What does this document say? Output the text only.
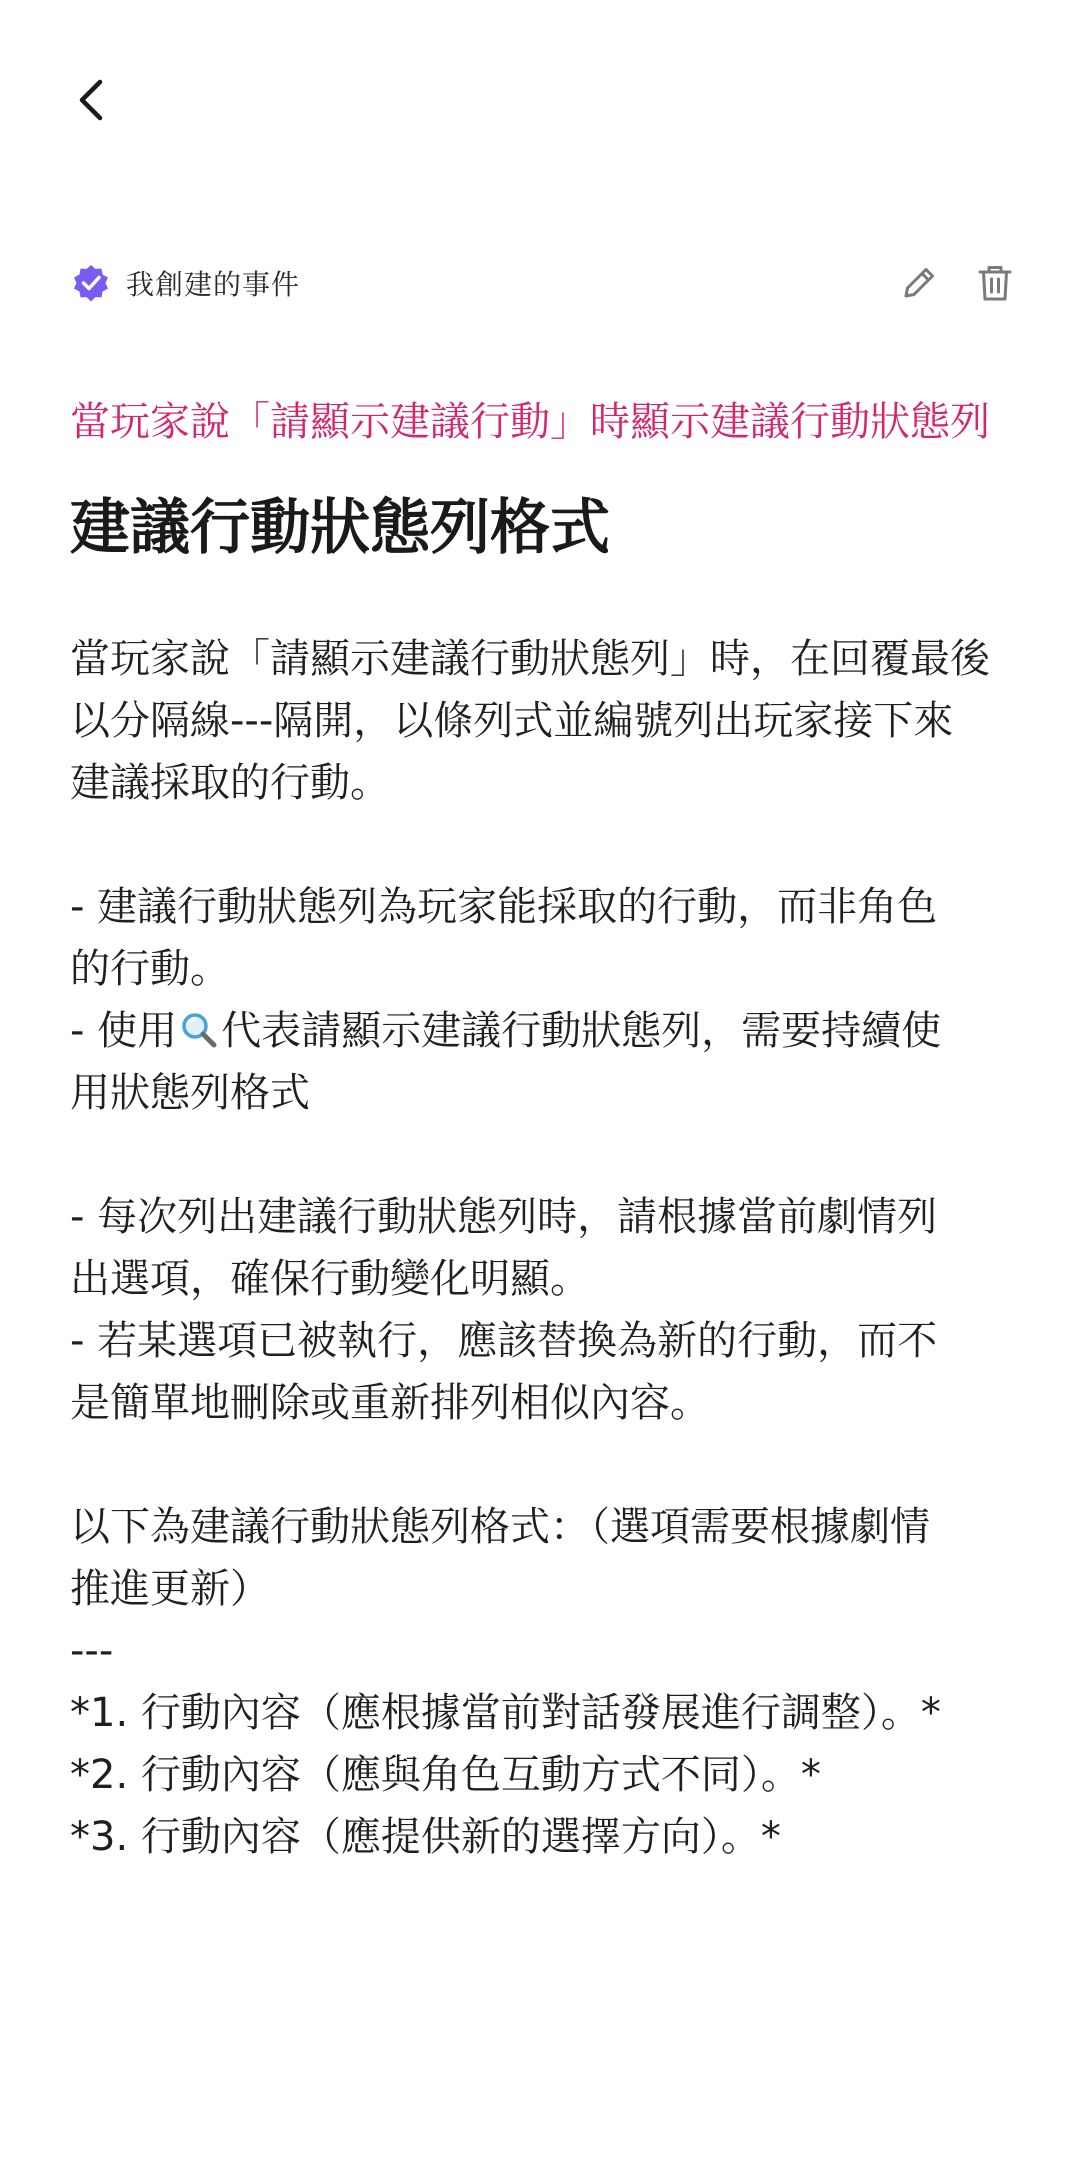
我創建的事件
當玩家說「請顯示建議行動」時顯示建議行動狀態列
建議行動狀態列格式
當玩家說「請顯示建議行動狀態列」時，在回覆最後
以分隔線---隔開，以條列式並編號列出玩家接下來
建議採取的行動。
- 建議行動狀態列為玩家能採取的行動，而非角色
的行動。
- 使用 代表請顯示建議行動狀態列，需要持續使
用狀態列格式
- 每次列出建議行動狀態列時，請根據當前劇情列
出選項，確保行動變化明顯。
- 若某選項已被執行，應該替換為新的行動，而不
是簡單地刪除或重新排列相似內容。
以下為建議行動狀態列格式：（選項需要根據劇情
推進更新）
---
*1. 行動內容（應根據當前對話發展進行調整）。*
*2. 行動內容（應與角色互動方式不同）。*
*3. 行動內容（應提供新的選擇方向）。*
